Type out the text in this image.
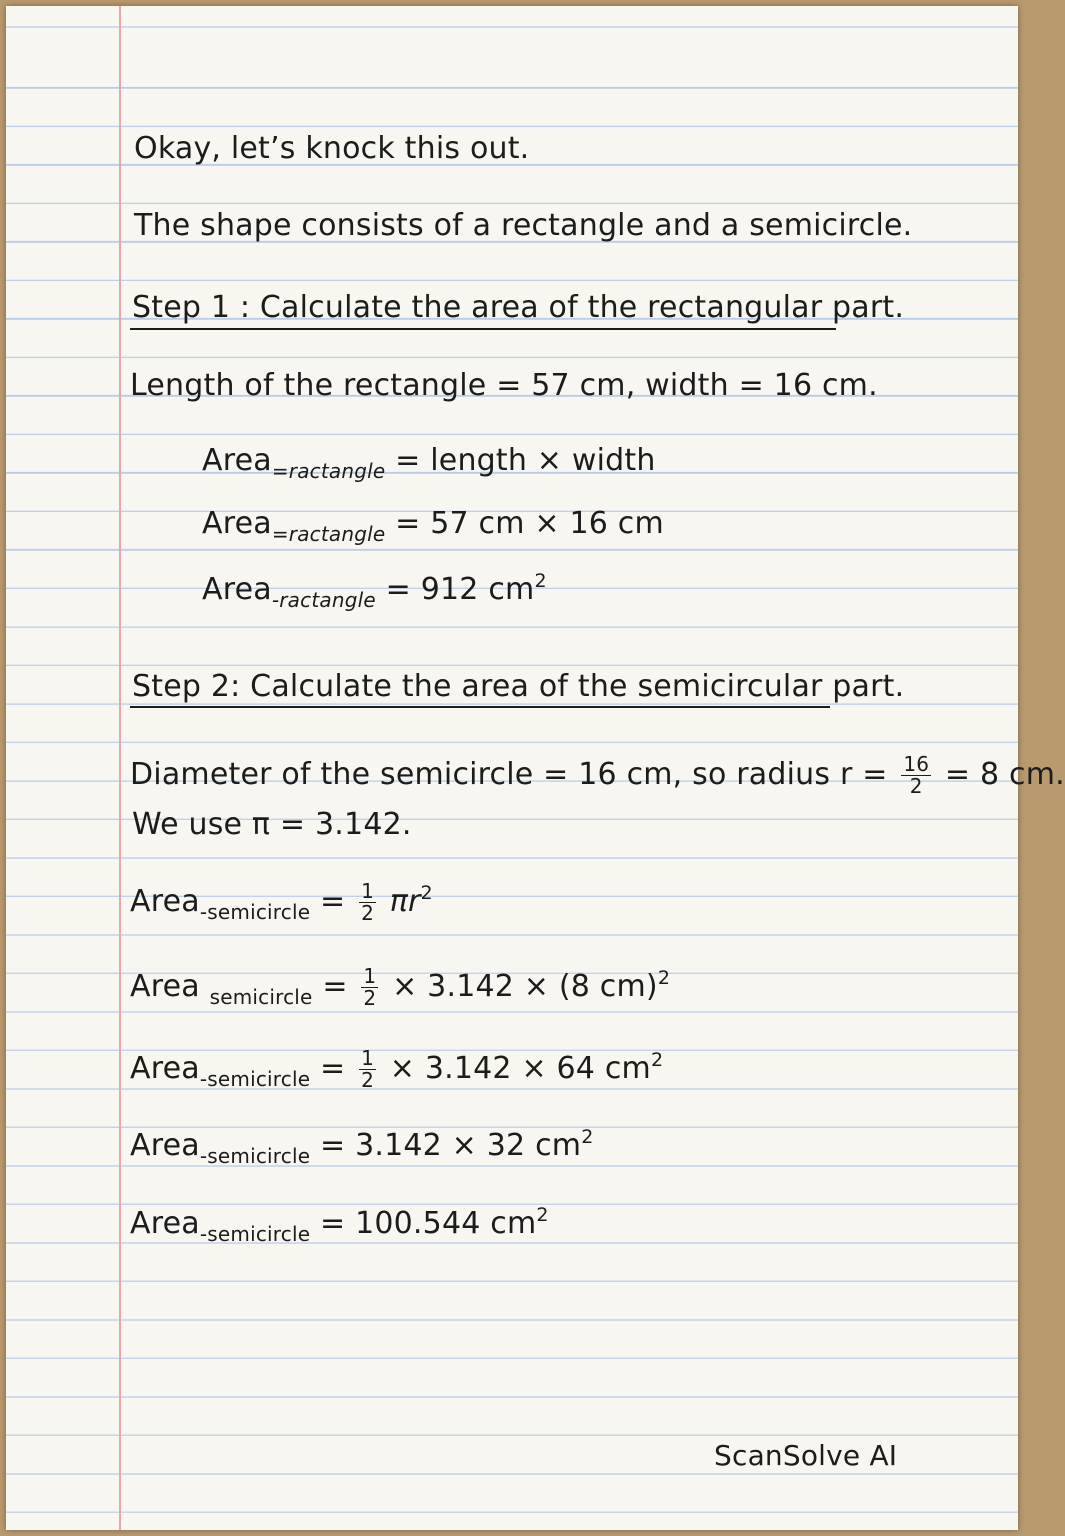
Okay, let’s knock this out.
The shape consists of a rectangle and a semicircle.
Step 1 : Calculate the area of the rectangular part.
Length of the rectangle = 57 cm, width = 16 cm.
Area$_{=ractangle}$ = length × width
Area$_{=ractangle}$ = 57 cm × 16 cm
Area$_{-ractangle}$ = 912 $cm^2$
Step 2: Calculate the area of the semicircular part.
Diameter of the semicircle = 16 cm, so radius $r = \frac{16}{2} = 8$ cm.
We use π = 3.142.
Area$_{-semicircle}$ = $\frac{1}{2} \pi r^2$
Area $_{semicircle} = \frac{1}{2} \times 3.142 \times (8$ cm)$^2$
Area$_{-semicircle}$ = $\frac{1}{2} \times 3.142 \times 64$ $cm^2$
Area$_{-semicircle}$ = 3.142 × 32 $cm^2$
Area$_{-semicircle}$ = 100.544 $cm^2$
ScanSolve AI
